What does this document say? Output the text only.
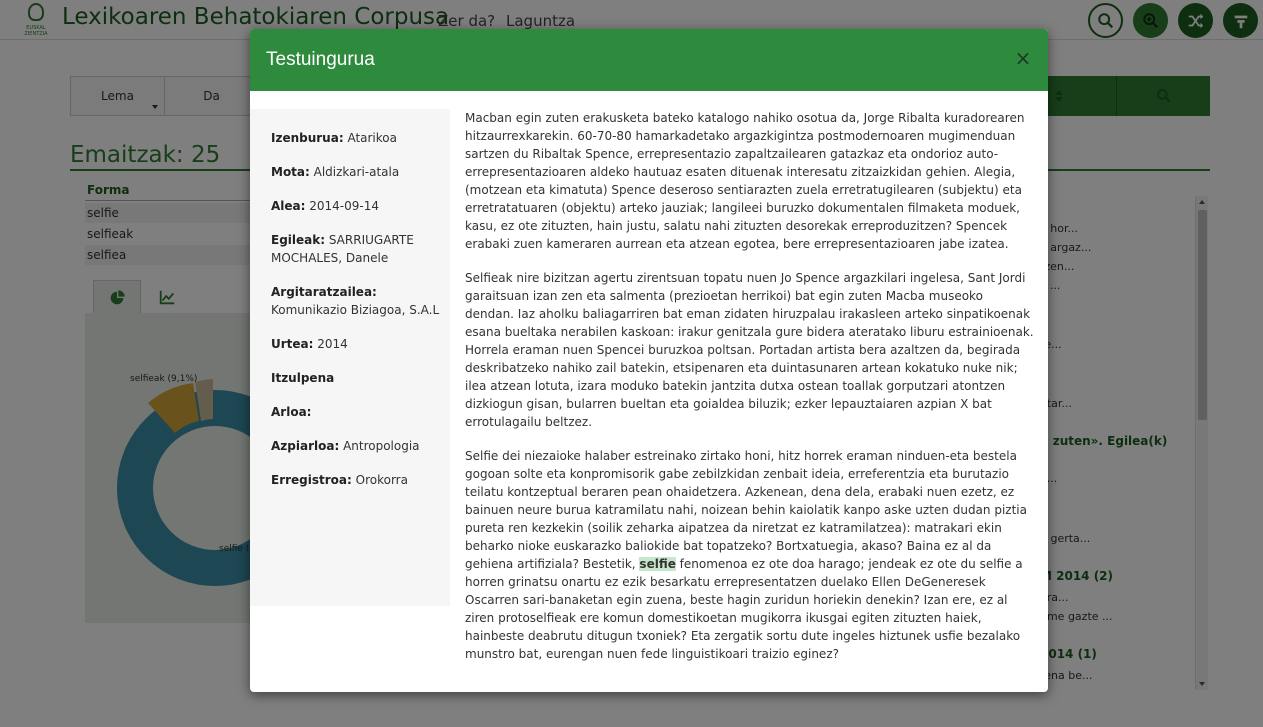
Testuingurua	×
Izenburua: Atarikoa
Mota: Aldizkari-atala
Alea: 2014-09-14
Egileak: SARRIUGARTE MOCHALES, Danele
Argitaratzailea: Komunikazio Biziagoa, S.A.L
Urtea: 2014
Itzulpena
Arloa:
Azpiarloa: Antropologia
Erregistroa: Orokorra

Macban egin zuten erakusketa bateko katalogo nahiko osotua da, Jorge Ribalta kuradorearen hitzaurrexkarekin. 60-70-80 hamarkadetako argazkigintza postmodernoaren mugimenduan sartzen du Ribaltak Spence, errepresentazio zapaltzailearen gatazkaz eta ondorioz auto-errepresentazioaren aldeko hautuaz esaten dituenak interesatu zitzaizkidan gehien. Alegia, (motzean eta kimatuta) Spence deseroso sentiarazten zuela erretratugilearen (subjektu) eta erretratatuaren (objektu) arteko jauziak; langileei buruzko dokumentalen filmaketa moduek, kasu, ez ote zituzten, hain justu, salatu nahi zituzten desorekak erreproduzitzen? Spencek erabaki zuen kameraren aurrean eta atzean egotea, bere errepresentazioaren jabe izatea.

Selfieak nire bizitzan agertu zirentsuan topatu nuen Jo Spence argazkilari ingelesa, Sant Jordi garaitsuan izan zen eta salmenta (prezioetan herrikoi) bat egin zuten Macba museoko dendan. Iaz aholku baliagarriren bat eman zidaten hiruzpalau irakasleen arteko sinpatikoenak esana bueltaka nerabilen kaskoan: irakur genitzala gure bidera ateratako liburu estrainioenak. Horrela eraman nuen Spencei buruzkoa poltsan. Portadan artista bera azaltzen da, begirada deskribatzeko nahiko zail batekin, etsipenaren eta duintasunaren artean kokatuko nuke nik; ilea atzean lotuta, izara moduko batekin jantzita dutxa ostean toallak gorputzari atontzen dizkiogun gisan, bularren bueltan eta goialdea biluzik; ezker lepauztaiaren azpian X bat errotulagailu beltzez.

Selfie dei niezaioke halaber estreinako zirtako honi, hitz horrek eraman ninduen-eta bestela gogoan solte eta konpromisorik gabe zebilzkidan zenbait ideia, erreferentzia eta burutazio teilatu kontzeptual beraren pean ohaidetzera. Azkenean, dena dela, erabaki nuen ezetz, ez bainuen neure burua katramilatu nahi, noizean behin kaiolatik kanpo aske uzten dudan piztia pureta ren kezkekin (soilik zeharka aipatzea da niretzat ez katramilatzea): matrakari ekin beharko nioke euskarazko baliokide bat topatzeko? Bortxatuegia, akaso? Baina ez al da gehiena artifiziala? Bestetik, selfie fenomenoa ez ote doa harago; jendeak ez ote du selfie a horren grinatsu onartu ez ezik besarkatu errepresentatzen duelako Ellen DeGeneresek Oscarren sari-banaketan egin zuena, beste hagin zuridun horiekin denekin? Izan ere, ez al ziren protoselfieak ere komun domestikoetan mugikorra ikusgai egiten zituzten haiek, hainbeste deabrutu ditugun txoniek? Eta zergatik sortu dute ingeles hiztunek usfie bezalako munstro bat, eurengan nuen fede linguistikoari traizio eginez?
